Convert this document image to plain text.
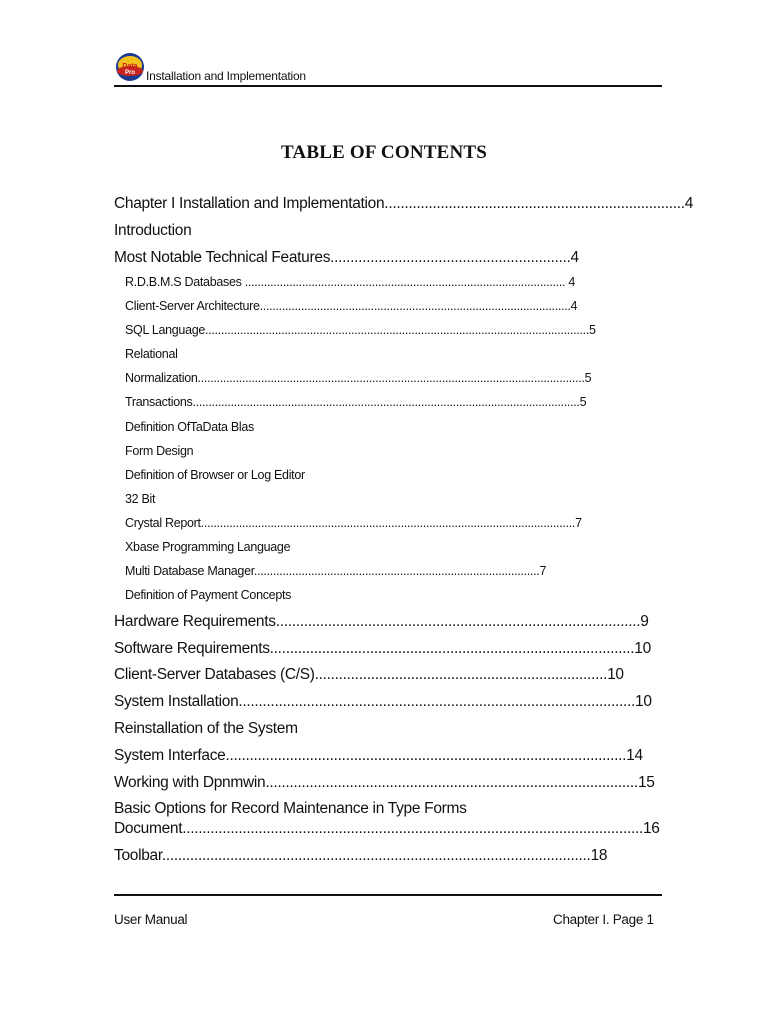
Data
Pro Installation and Implementation
TABLE OF CONTENTS
Chapter I Installation and Implementation...........................................................................4
Introduction
Most Notable Technical Features............................................................4
R.D.B.M.S Databases ..................................................................................................... 4
Client-Server Architecture..................................................................................................4
SQL Language.........................................................................................................................5
Relational
Normalization..........................................................................................................................5
Transactions..........................................................................................................................5
Definition OfTaData Blas
Form Design
Definition of Browser or Log Editor
32 Bit
Crystal Report......................................................................................................................7
Xbase Programming Language
Multi Database Manager..........................................................................................7
Definition of Payment Concepts
Hardware Requirements...........................................................................................9
Software Requirements...........................................................................................10
Client-Server Databases (C/S).........................................................................10
System Installation...................................................................................................10
Reinstallation of the System
System Interface....................................................................................................14
Working with Dpnmwin.............................................................................................15
Basic Options for Record Maintenance in Type Forms
Document...................................................................................................................16
Toolbar...........................................................................................................18
User Manual	Chapter I. Page 1
